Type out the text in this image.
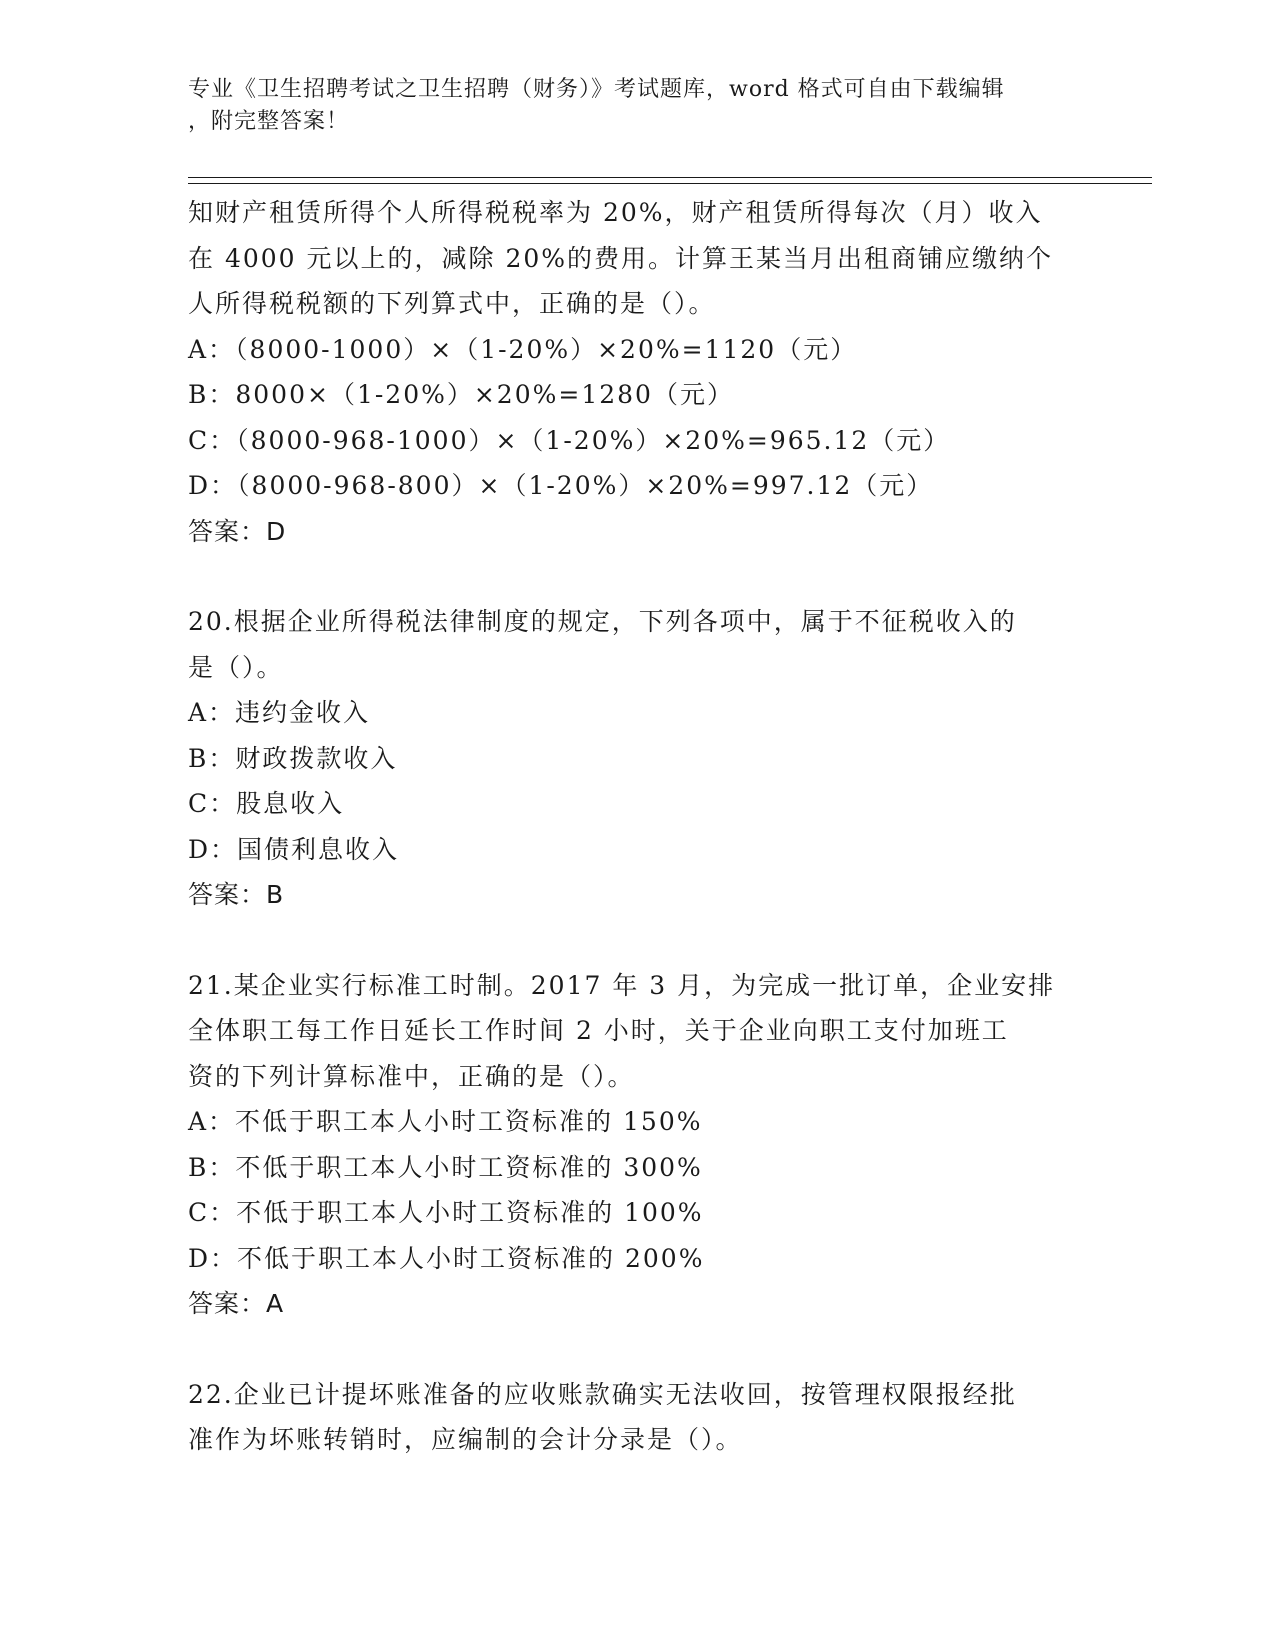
专业《卫生招聘考试之卫生招聘（财务）》考试题库，word 格式可自由下载编辑
，附完整答案！

知财产租赁所得个人所得税税率为 20%，财产租赁所得每次（月）收入

在 4000 元以上的，减除 20%的费用。计算王某当月出租商铺应缴纳个

人所得税税额的下列算式中，正确的是（）。

A：（8000-1000）×（1-20%）×20%=1120（元）

B：8000×（1-20%）×20%=1280（元）

C：（8000-968-1000）×（1-20%）×20%=965.12（元）

D：（8000-968-800）×（1-20%）×20%=997.12（元）

答案：D

20.根据企业所得税法律制度的规定，下列各项中，属于不征税收入的

是（）。

A：违约金收入

B：财政拨款收入

C：股息收入

D：国债利息收入

答案：B

21.某企业实行标准工时制。2017 年 3 月，为完成一批订单，企业安排

全体职工每工作日延长工作时间 2 小时，关于企业向职工支付加班工

资的下列计算标准中，正确的是（）。

A：不低于职工本人小时工资标准的 150%

B：不低于职工本人小时工资标准的 300%

C：不低于职工本人小时工资标准的 100%

D：不低于职工本人小时工资标准的 200%

答案：A

22.企业已计提坏账准备的应收账款确实无法收回，按管理权限报经批

准作为坏账转销时，应编制的会计分录是（）。
